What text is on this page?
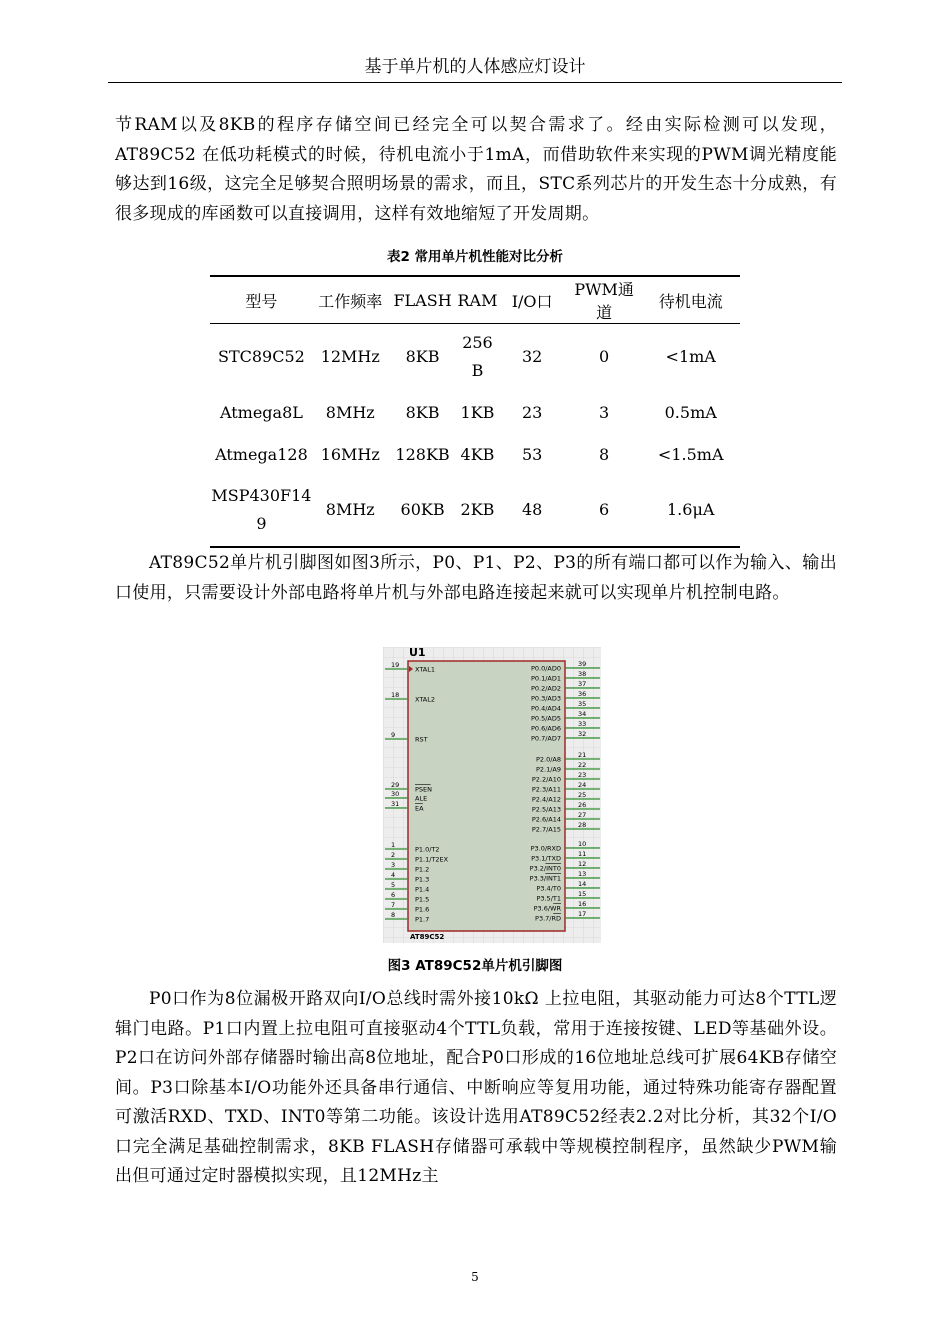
基于单片机的人体感应灯设计

节RAM以及8KB的程序存储空间已经完全可以契合需求了。经由实际检测可以发现，AT89C52 在低功耗模式的时候，待机电流小于1mA，而借助软件来实现的PWM调光精度能够达到16级，这完全足够契合照明场景的需求，而且，STC系列芯片的开发生态十分成熟，有很多现成的库函数可以直接调用，这样有效地缩短了开发周期。

表2 常用单片机性能对比分析
型号	工作频率	FLASH	RAM	I/O口	PWM通道	待机电流
STC89C52	12MHz	8KB	256B	32	0	<1mA
Atmega8L	8MHz	8KB	1KB	23	3	0.5mA
Atmega128	16MHz	128KB	4KB	53	8	<1.5mA
MSP430F149	8MHz	60KB	2KB	48	6	1.6μA

AT89C52单片机引脚图如图3所示，P0、P1、P2、P3的所有端口都可以作为输入、输出口使用，只需要设计外部电路将单片机与外部电路连接起来就可以实现单片机控制电路。

U1
AT89C52
19
XTAL1
18
XTAL2
9
RST
29
PSEN
30
ALE
31
EA
1
P1.0/T2
2
P1.1/T2EX
3
P1.2
4
P1.3
5
P1.4
6
P1.5
7
P1.6
8
P1.7
39
P0.0/AD0
38
P0.1/AD1
37
P0.2/AD2
36
P0.3/AD3
35
P0.4/AD4
34
P0.5/AD5
33
P0.6/AD6
32
P0.7/AD7
21
P2.0/A8
22
P2.1/A9
23
P2.2/A10
24
P2.3/A11
25
P2.4/A12
26
P2.5/A13
27
P2.6/A14
28
P2.7/A15
10
P3.0/RXD
11
P3.1/TXD
12
P3.2/INT0
13
P3.3/INT1
14
P3.4/T0
15
P3.5/T1
16
P3.6/WR
17
P3.7/RD
图3 AT89C52单片机引脚图

P0口作为8位漏极开路双向I/O总线时需外接10kΩ 上拉电阻，其驱动能力可达8个TTL逻辑门电路。P1口内置上拉电阻可直接驱动4个TTL负载，常用于连接按键、LED等基础外设。P2口在访问外部存储器时输出高8位地址，配合P0口形成的16位地址总线可扩展64KB存储空间。P3口除基本I/O功能外还具备串行通信、中断响应等复用功能，通过特殊功能寄存器配置可激活RXD、TXD、INT0等第二功能。该设计选用AT89C52经表2.2对比分析，其32个I/O口完全满足基础控制需求，8KB FLASH存储器可承载中等规模控制程序，虽然缺少PWM输出但可通过定时器模拟实现，且12MHz主

5
